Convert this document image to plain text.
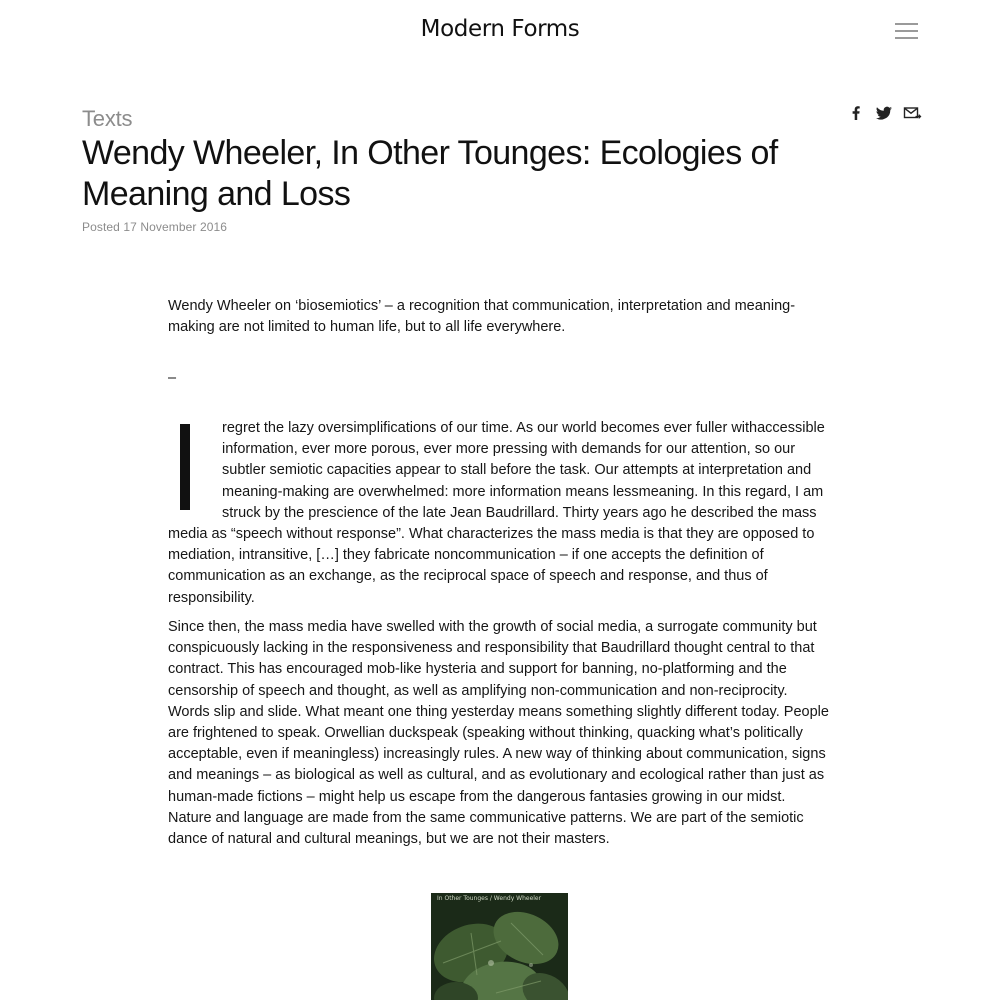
Modern Forms
Texts
Wendy Wheeler, In Other Tounges: Ecologies of Meaning and Loss
Posted 17 November 2016

Wendy Wheeler on ‘biosemiotics’ – a recognition that communication, interpretation and meaning-making are not limited to human life, but to all life everywhere.

–

regret the lazy oversimplifications of our time. As our world becomes ever fuller withaccessible information, ever more porous, ever more pressing with demands for our attention, so our subtler semiotic capacities appear to stall before the task. Our attempts at interpretation and meaning-making are overwhelmed: more information means lessmeaning. In this regard, I am struck by the prescience of the late Jean Baudrillard. Thirty years ago he described the mass media as “speech without response”. What characterizes the mass media is that they are opposed to mediation, intransitive, […] they fabricate noncommunication – if one accepts the definition of communication as an exchange, as the reciprocal space of speech and response, and thus of responsibility.

Since then, the mass media have swelled with the growth of social media, a surrogate community but conspicuously lacking in the responsiveness and responsibility that Baudrillard thought central to that contract. This has encouraged mob-like hysteria and support for banning, no-platforming and the censorship of speech and thought, as well as amplifying non-communication and non-reciprocity. Words slip and slide. What meant one thing yesterday means something slightly different today. People are frightened to speak. Orwellian duckspeak (speaking without thinking, quacking what’s politically acceptable, even if meaningless) increasingly rules. A new way of thinking about communication, signs and meanings – as biological as well as cultural, and as evolutionary and ecological rather than just as human-made fictions – might help us escape from the dangerous fantasies growing in our midst. Nature and language are made from the same communicative patterns. We are part of the semiotic dance of natural and cultural meanings, but we are not their masters.

In Other Tounges / Wendy Wheeler
